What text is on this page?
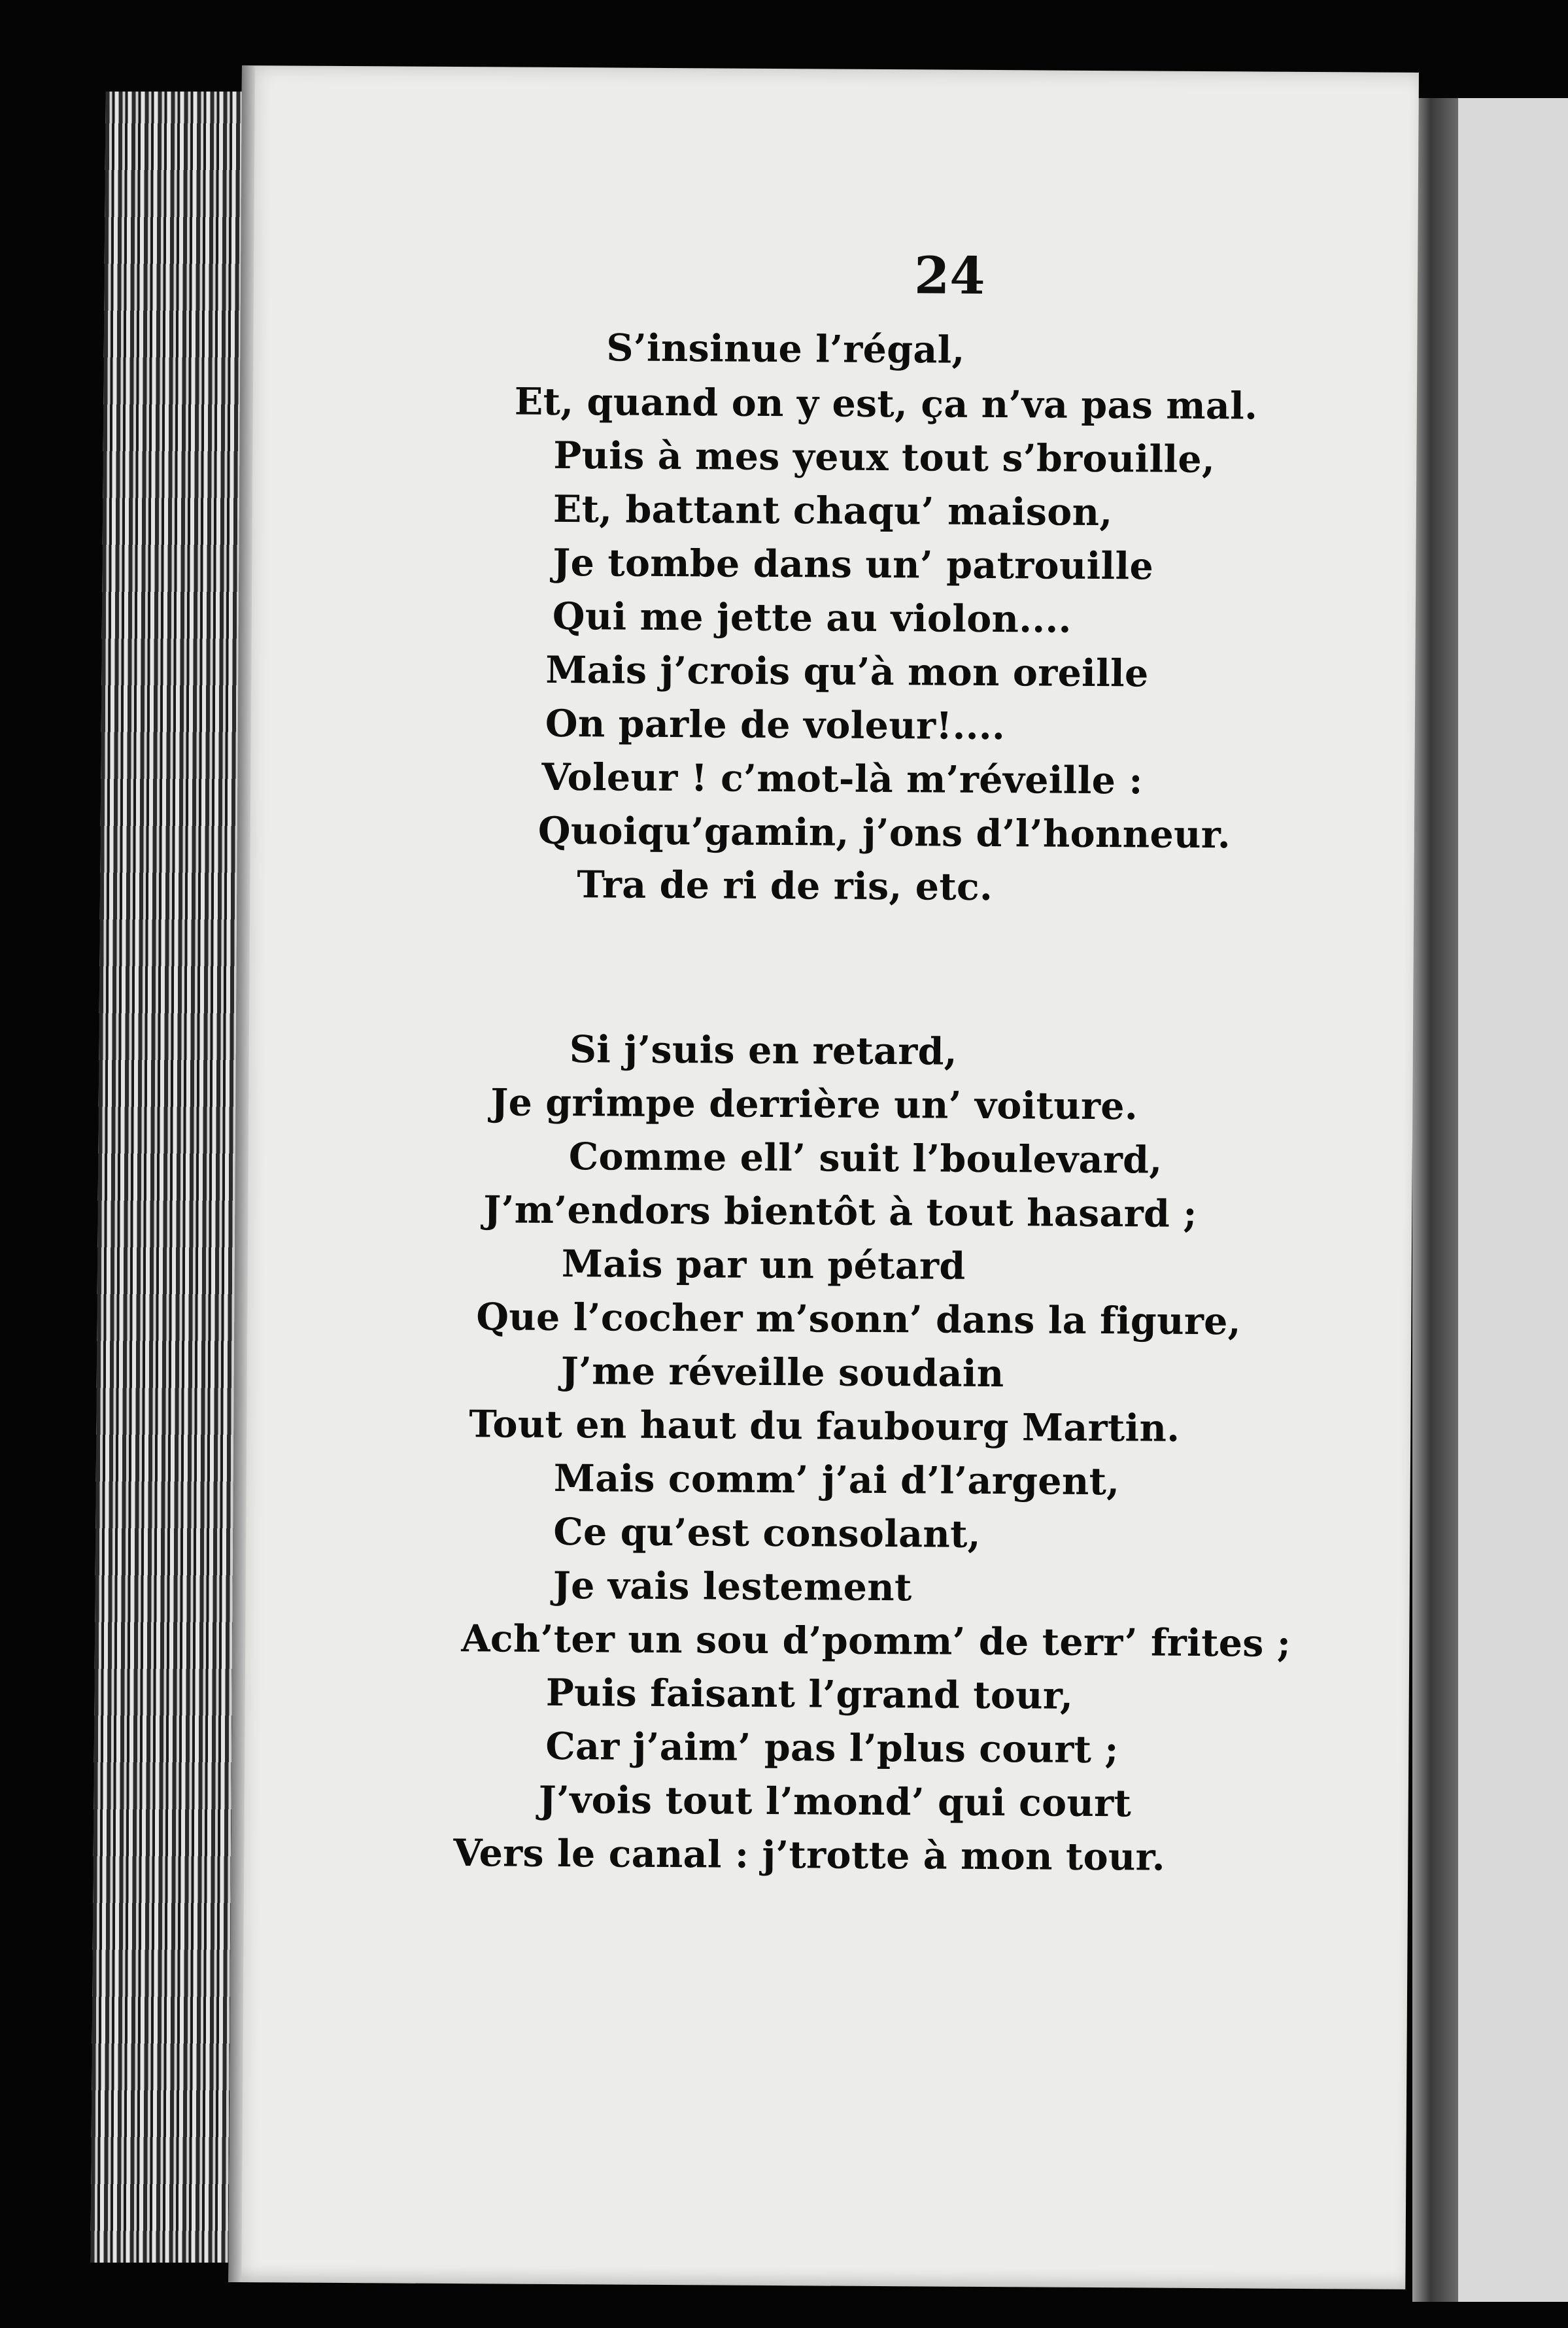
24
S’insinue l’régal,
Et, quand on y est, ça n’va pas mal.
Puis à mes yeux tout s’brouille,
Et, battant chaqu’ maison,
Je tombe dans un’ patrouille
Qui me jette au violon....
Mais j’crois qu’à mon oreille
On parle de voleur!....
Voleur ! c’mot-là m’réveille :
Quoiqu’gamin, j’ons d’l’honneur.
Tra de ri de ris, etc.
Si j’suis en retard,
Je grimpe derrière un’ voiture.
Comme ell’ suit l’boulevard,
J’m’endors bientôt à tout hasard ;
Mais par un pétard
Que l’cocher m’sonn’ dans la figure,
J’me réveille soudain
Tout en haut du faubourg Martin.
Mais comm’ j’ai d’l’argent,
Ce qu’est consolant,
Je vais lestement
Ach’ter un sou d’pomm’ de terr’ frites ;
Puis faisant l’grand tour,
Car j’aim’ pas l’plus court ;
J’vois tout l’mond’ qui court
Vers le canal : j’trotte à mon tour.
